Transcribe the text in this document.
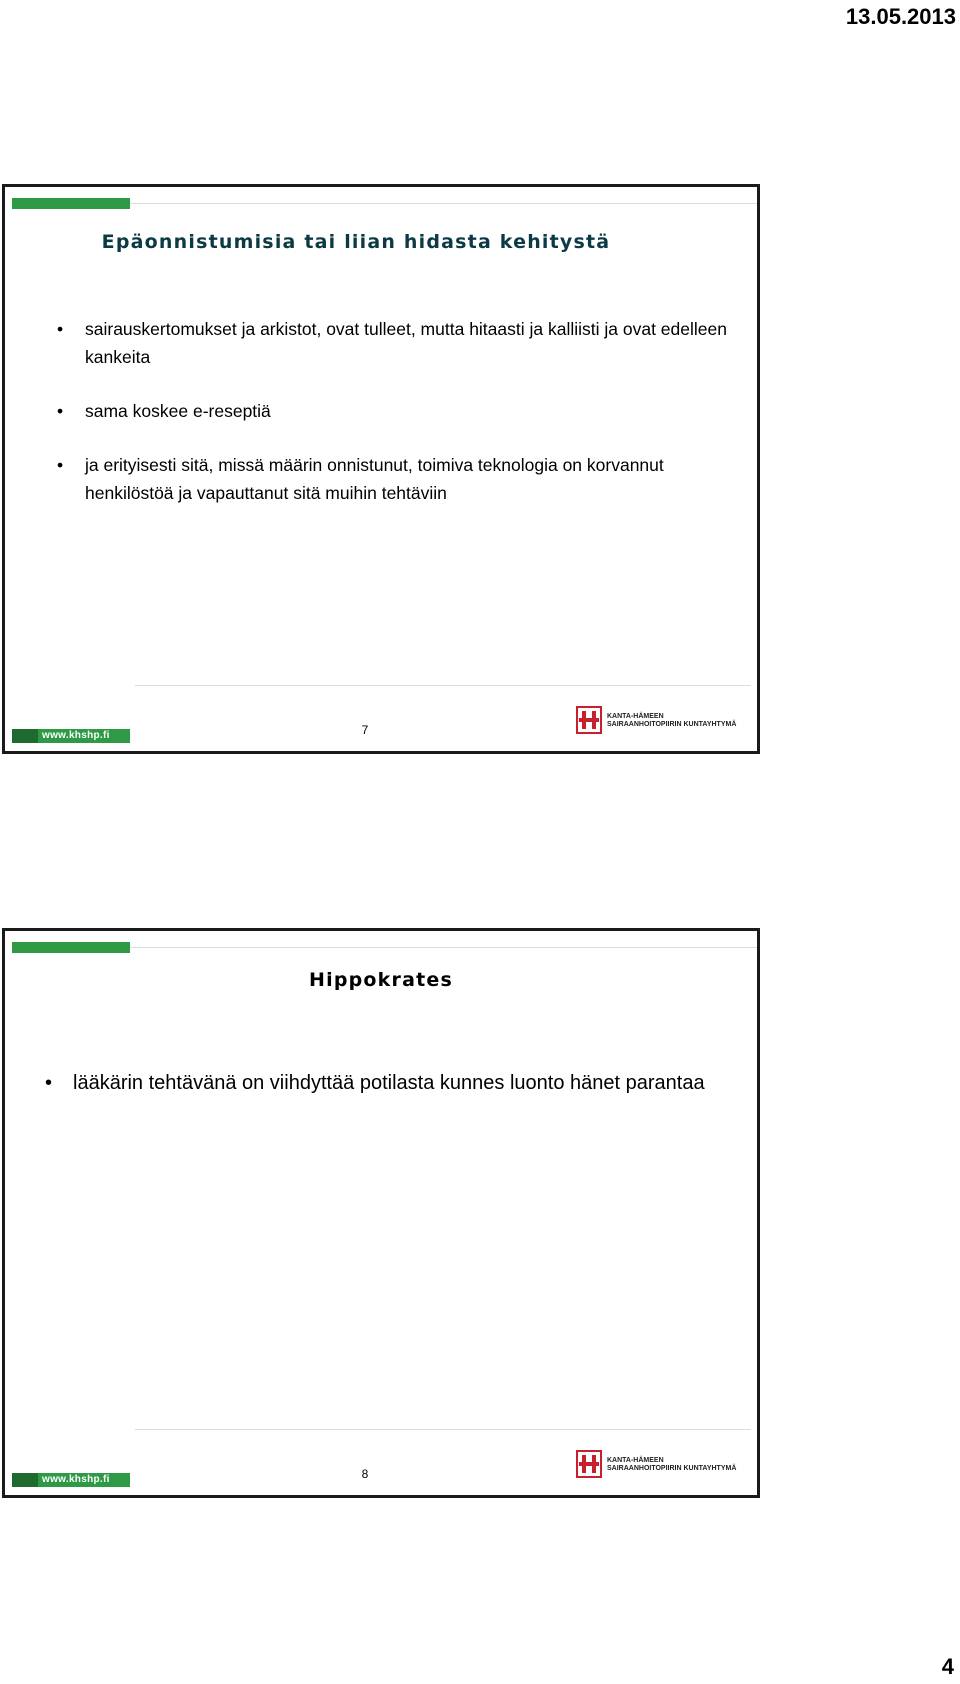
13.05.2013
Epäonnistumisia tai liian hidasta kehitystä
• sairauskertomukset ja arkistot, ovat tulleet, mutta hitaasti ja kalliisti ja ovat edelleen kankeita
• sama koskee e-reseptiä
• ja erityisesti sitä, missä määrin onnistunut, toimiva teknologia on korvannut henkilöstöä ja vapauttanut sitä muihin tehtäviin
www.khshp.fi	7
KANTA-HÄMEEN
SAIRAANHOITOPIIRIN KUNTAYHTYMÄ
Hippokrates
• lääkärin tehtävänä on viihdyttää potilasta kunnes luonto hänet parantaa
www.khshp.fi	8
KANTA-HÄMEEN
SAIRAANHOITOPIIRIN KUNTAYHTYMÄ
4
